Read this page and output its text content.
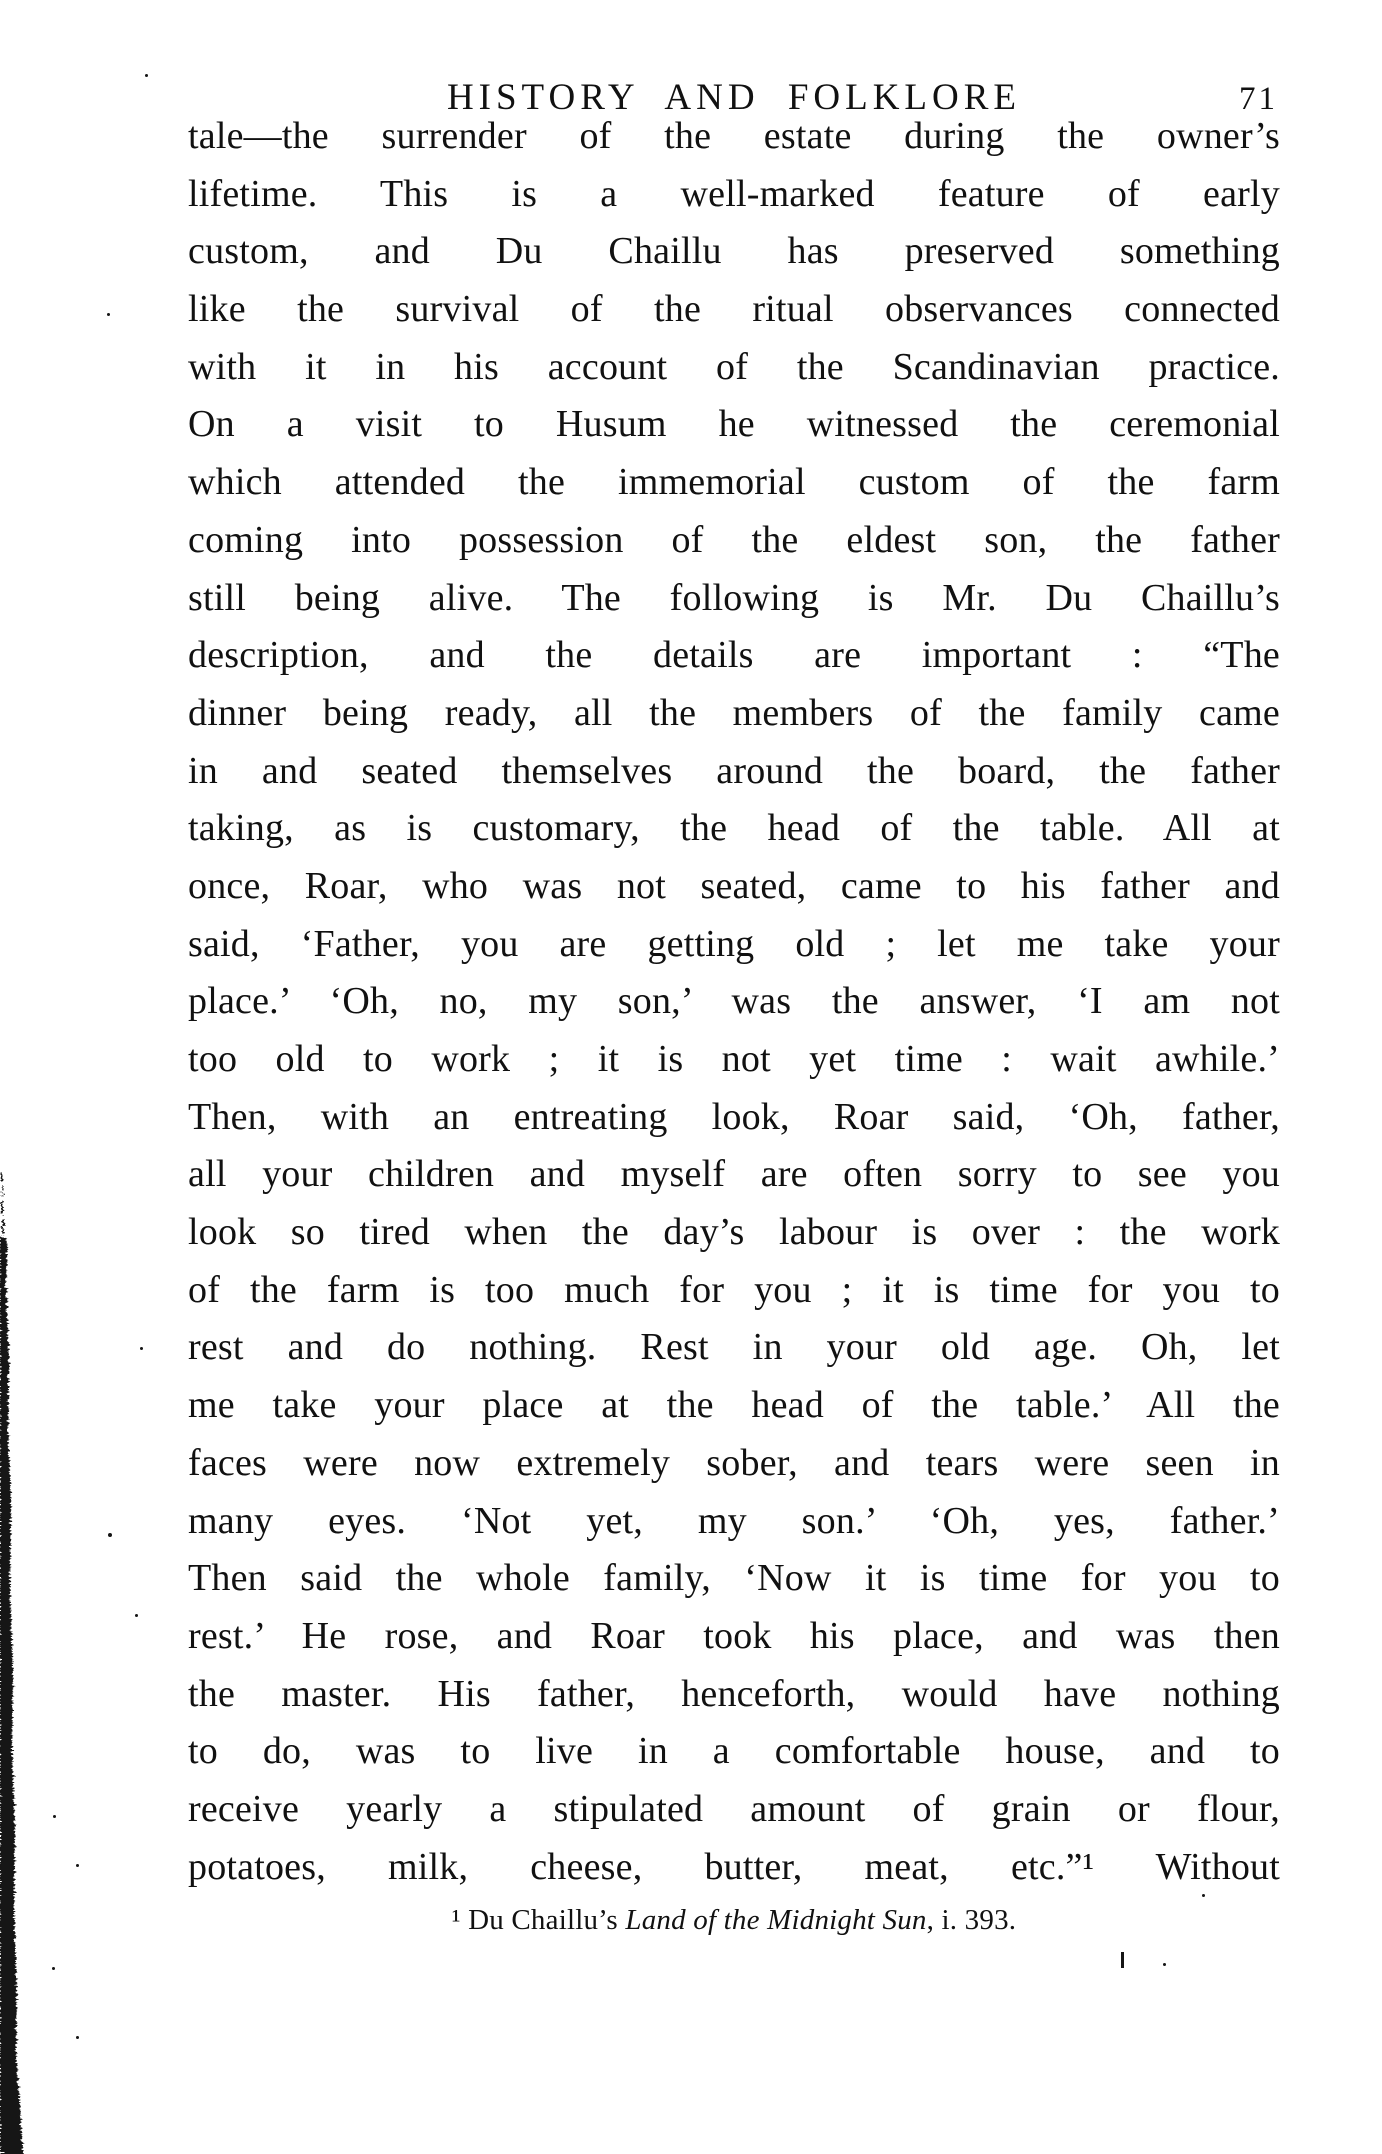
HISTORY AND FOLKLORE	71
tale—the surrender of the estate during the owner’s
lifetime. This is a well-marked feature of early
custom, and Du Chaillu has preserved something
like the survival of the ritual observances connected
with it in his account of the Scandinavian practice.
On a visit to Husum he witnessed the ceremonial
which attended the immemorial custom of the farm
coming into possession of the eldest son, the father
still being alive. The following is Mr. Du Chaillu’s
description, and the details are important : “The
dinner being ready, all the members of the family came
in and seated themselves around the board, the father
taking, as is customary, the head of the table. All at
once, Roar, who was not seated, came to his father and
said, ‘Father, you are getting old ; let me take your
place.’ ‘Oh, no, my son,’ was the answer, ‘I am not
too old to work ; it is not yet time : wait awhile.’
Then, with an entreating look, Roar said, ‘Oh, father,
all your children and myself are often sorry to see you
look so tired when the day’s labour is over : the work
of the farm is too much for you ; it is time for you to
rest and do nothing. Rest in your old age. Oh, let
me take your place at the head of the table.’ All the
faces were now extremely sober, and tears were seen in
many eyes. ‘Not yet, my son.’ ‘Oh, yes, father.’
Then said the whole family, ‘Now it is time for you to
rest.’ He rose, and Roar took his place, and was then
the master. His father, henceforth, would have nothing
to do, was to live in a comfortable house, and to
receive yearly a stipulated amount of grain or flour,
potatoes, milk, cheese, butter, meat, etc.”¹ Without
¹ Du Chaillu’s Land of the Midnight Sun, i. 393.
